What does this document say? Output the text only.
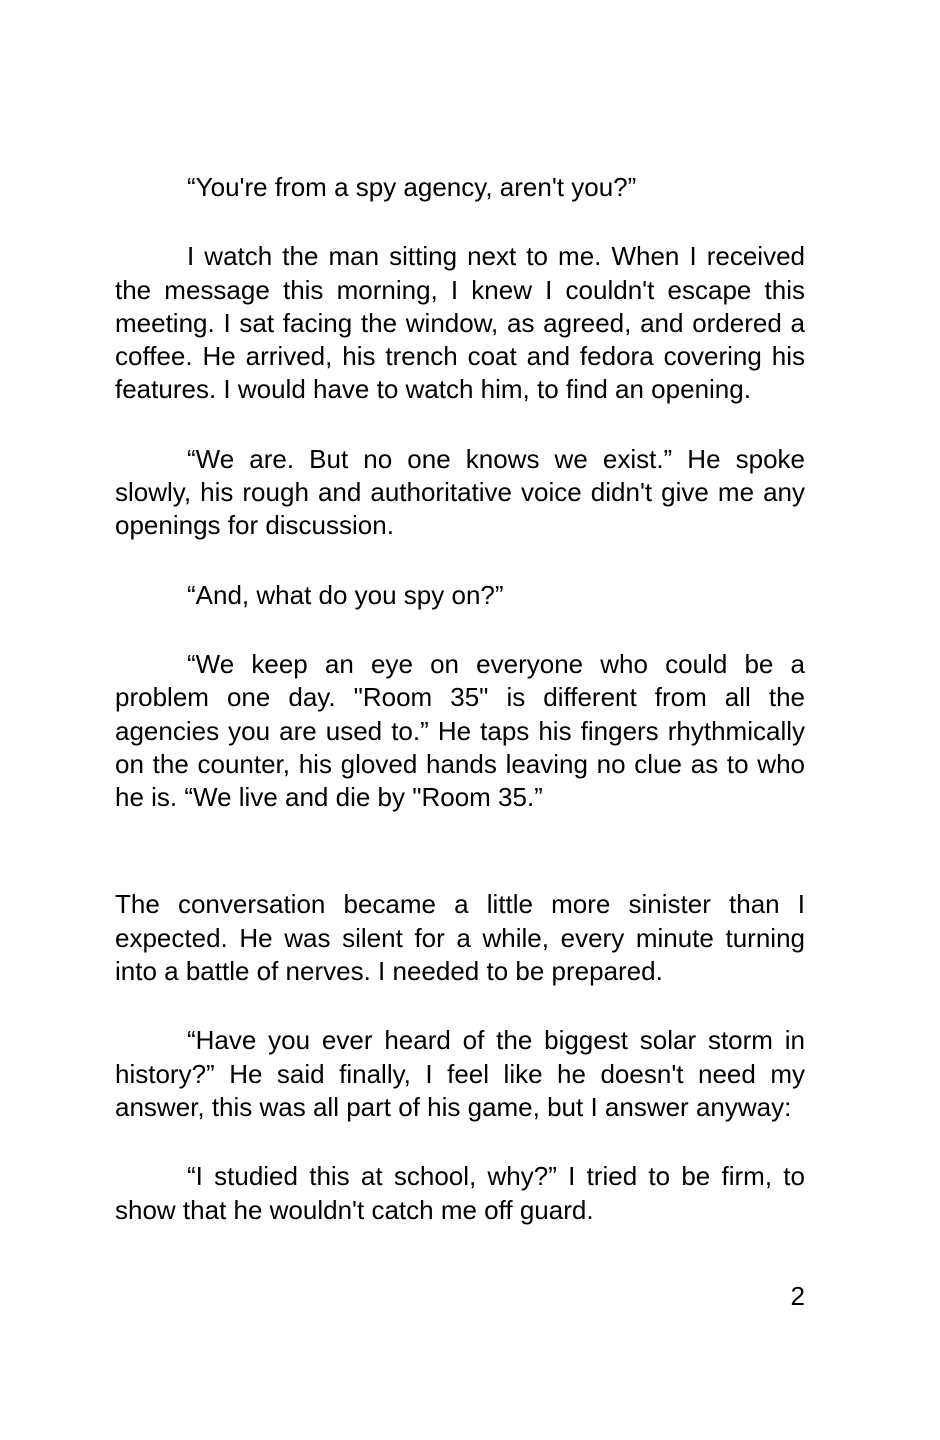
“You're from a spy agency, aren't you?”
I watch the man sitting next to me. When I received
the message this morning, I knew I couldn't escape this
meeting. I sat facing the window, as agreed, and ordered a
coffee. He arrived, his trench coat and fedora covering his
features. I would have to watch him, to find an opening.
“We are. But no one knows we exist.” He spoke
slowly, his rough and authoritative voice didn't give me any
openings for discussion.
“And, what do you spy on?”
“We keep an eye on everyone who could be a
problem one day. "Room 35" is different from all the
agencies you are used to.” He taps his fingers rhythmically
on the counter, his gloved hands leaving no clue as to who
he is. “We live and die by "Room 35.”
The conversation became a little more sinister than I
expected. He was silent for a while, every minute turning
into a battle of nerves. I needed to be prepared.
“Have you ever heard of the biggest solar storm in
history?” He said finally, I feel like he doesn't need my
answer, this was all part of his game, but I answer anyway:
“I studied this at school, why?” I tried to be firm, to
show that he wouldn't catch me off guard.
2
